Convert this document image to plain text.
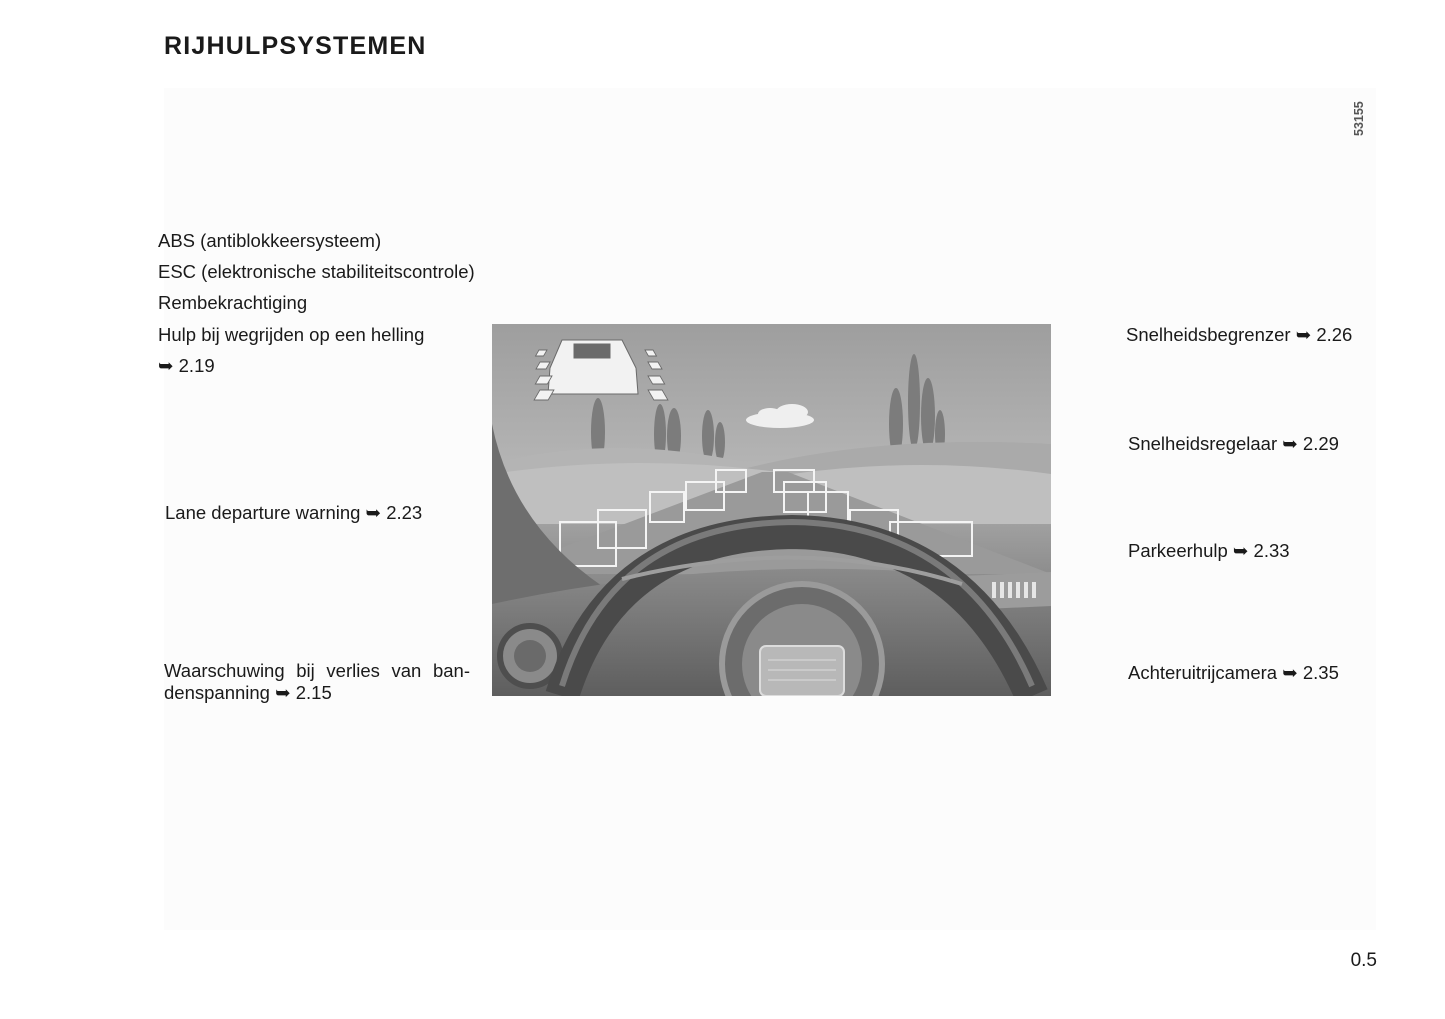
RIJHULPSYSTEMEN
53155
ABS (antiblokkeersysteem)
ESC (elektronische stabiliteitscontrole)
Rembekrachtiging
Hulp bij wegrijden op een helling
➥ 2.19
Lane departure warning ➥ 2.23
Waarschuwing bij verlies van ban-
denspanning ➥ 2.15
Snelheidsbegrenzer ➥ 2.26
Snelheidsregelaar ➥ 2.29
Parkeerhulp ➥ 2.33
Achteruitrijcamera ➥ 2.35
0.5
